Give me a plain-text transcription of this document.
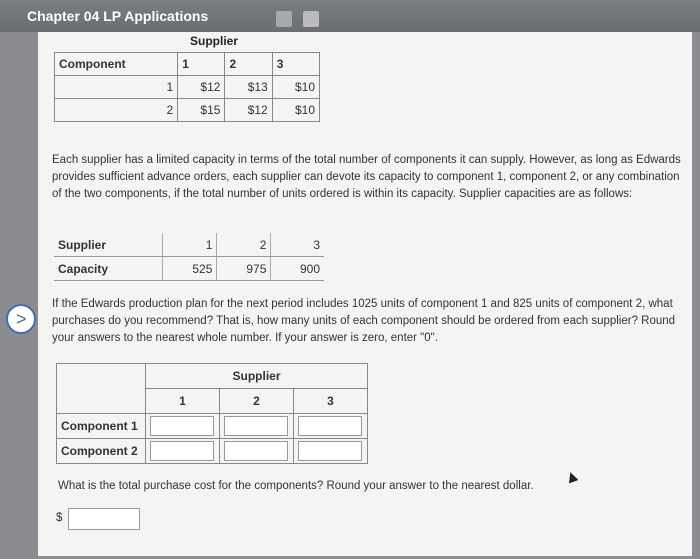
Chapter 04 LP Applications
>
Supplier
Component	1	2	3
1	$12	$13	$10
2	$15	$12	$10
Each supplier has a limited capacity in terms of the total number of components it can supply. However, as long as Edwards provides sufficient advance orders, each supplier can devote its capacity to component 1, component 2, or any combination of the two components, if the total number of units ordered is within its capacity. Supplier capacities are as follows:
Supplier	1	2	3
Capacity	525	975	900
If the Edwards production plan for the next period includes 1025 units of component 1 and 825 units of component 2, what purchases do you recommend? That is, how many units of each component should be ordered from each supplier? Round your answers to the nearest whole number. If your answer is zero, enter "0".
	Supplier		
	1	2	3
Component 1			
Component 2			
What is the total purchase cost for the components? Round your answer to the nearest dollar.
$
